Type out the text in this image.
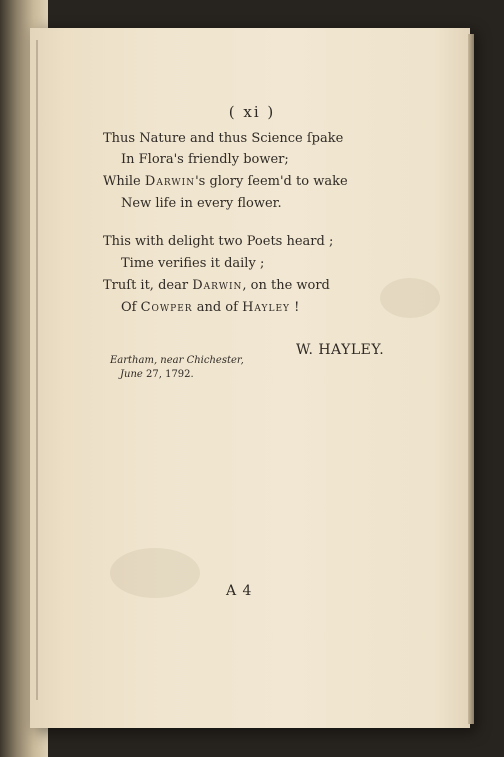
( xi )
Thus Nature and thus Science ſpake
In Flora's friendly bower;
While Darwin's glory ſeem'd to wake
New life in every flower.
This with delight two Poets heard ;
Time verifies it daily ;
Truſt it, dear Darwin, on the word
Of Cowper and of Hayley !
W. HAYLEY.
Eartham, near Chichester,
June 27, 1792.
A 4
